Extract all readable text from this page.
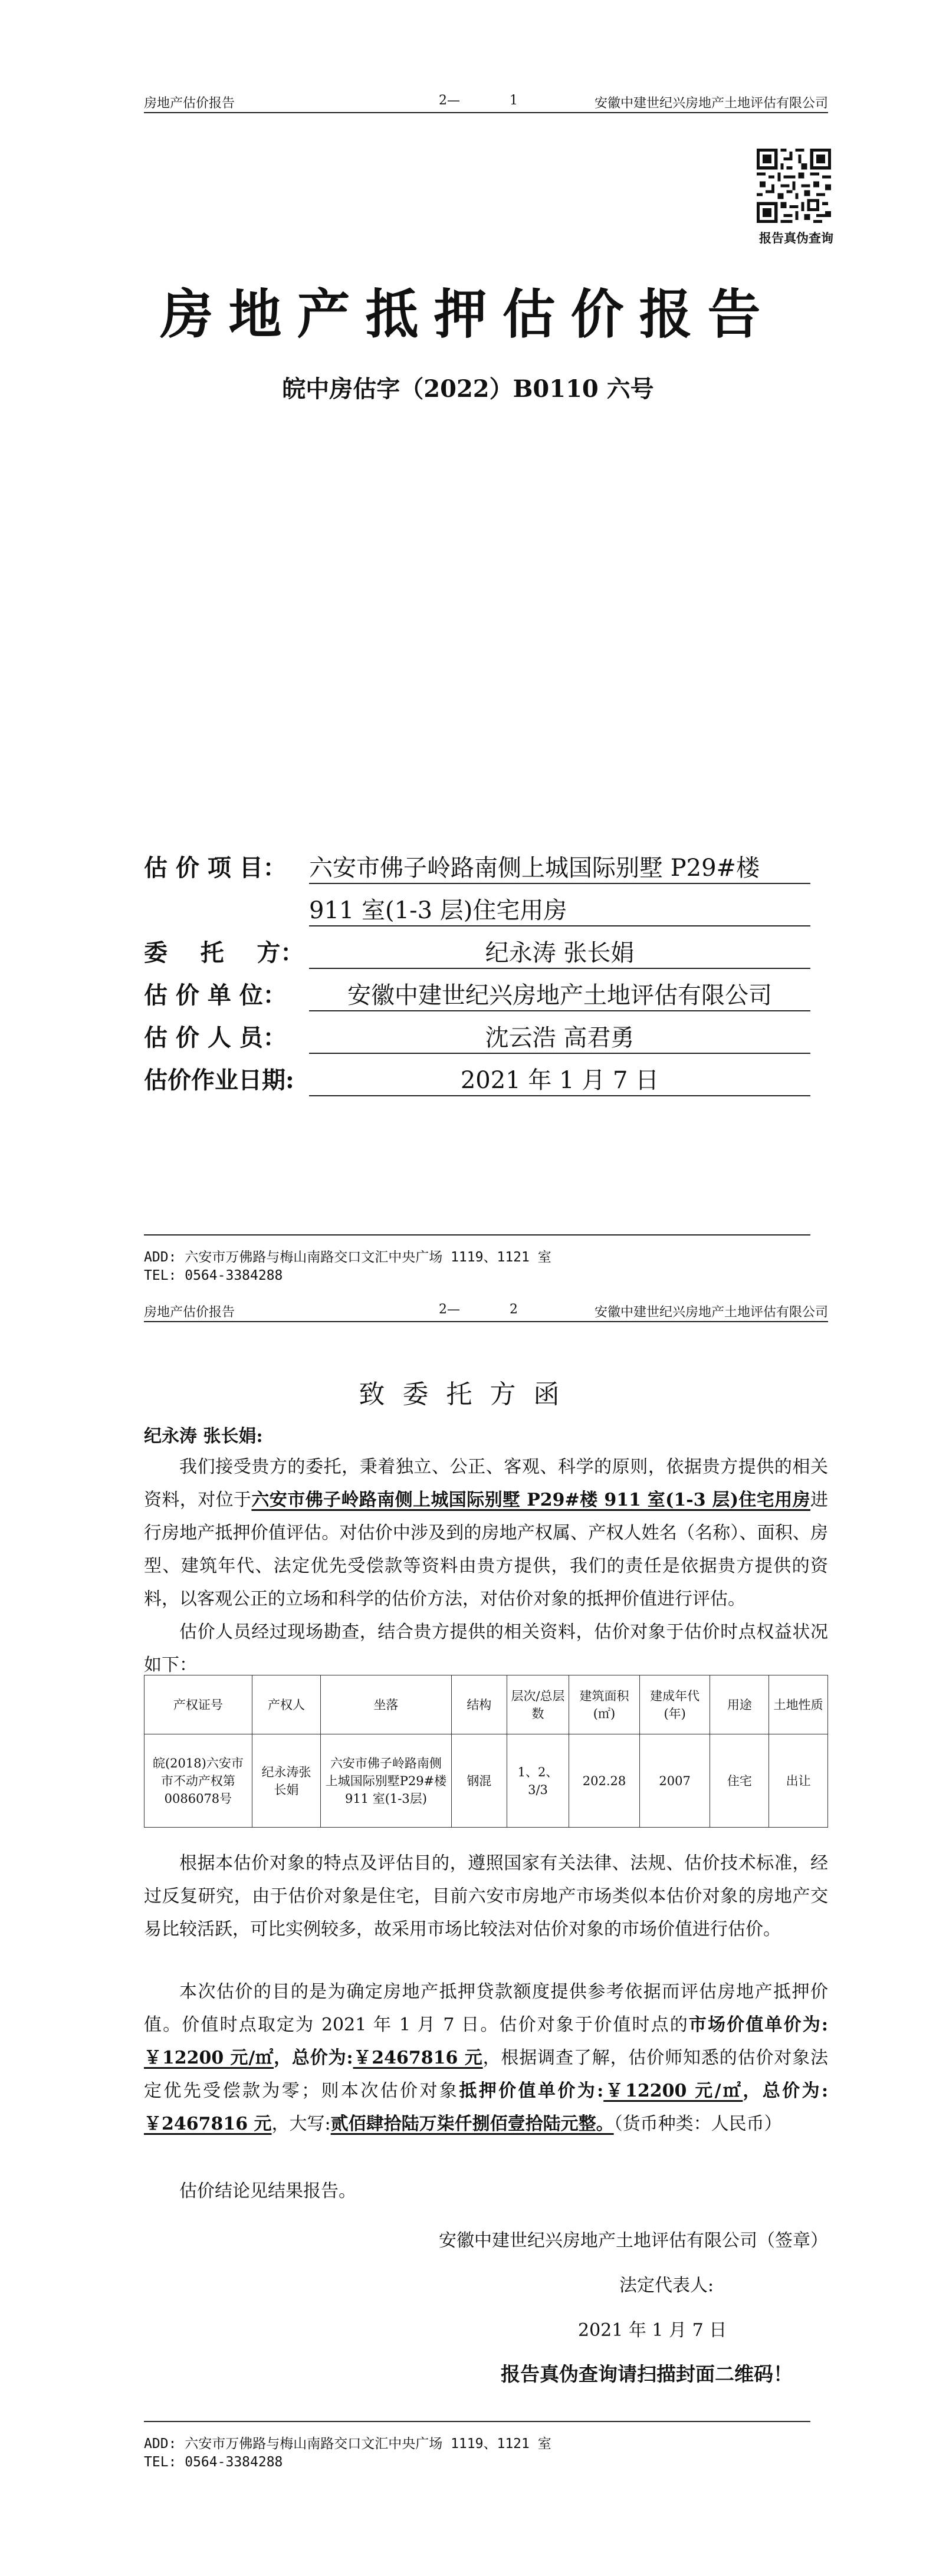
房地产估价报告	2—	1	安徽中建世纪兴房地产土地评估有限公司
报告真伪查询
房地产抵押估价报告
皖中房估字（2022）B0110 六号
估 价 项 目： 六安市佛子岭路南侧上城国际别墅 P29#楼
911 室(1-3 层)住宅用房
委    托    方：	纪永涛 张长娟
估 价 单 位：	安徽中建世纪兴房地产土地评估有限公司
估 价 人 员：	沈云浩 高君勇
估价作业日期:	2021 年 1 月 7 日
ADD: 六安市万佛路与梅山南路交口文汇中央广场 1119、1121 室
TEL: 0564-3384288
房地产估价报告	2—	2	安徽中建世纪兴房地产土地评估有限公司
致委托方函
纪永涛 张长娟:
我们接受贵方的委托，秉着独立、公正、客观、科学的原则，依据贵方提供的相关资料，对位于六安市佛子岭路南侧上城国际别墅 P29#楼 911 室(1-3 层)住宅用房进行房地产抵押价值评估。对估价中涉及到的房地产权属、产权人姓名（名称）、面积、房型、建筑年代、法定优先受偿款等资料由贵方提供，我们的责任是依据贵方提供的资料，以客观公正的立场和科学的估价方法，对估价对象的抵押价值进行评估。
估价人员经过现场勘查，结合贵方提供的相关资料，估价对象于估价时点权益状况如下：
产权证号	产权人	坐落	结构	层次/总层数	建筑面积(㎡)	建成年代(年)	用途	土地性质
皖(2018)六安市市不动产权第0086078号	纪永涛张长娟	六安市佛子岭路南侧上城国际别墅P29#楼 911 室(1-3层)	钢混	1、2、3/3	202.28	2007	住宅	出让
根据本估价对象的特点及评估目的，遵照国家有关法律、法规、估价技术标准，经过反复研究，由于估价对象是住宅，目前六安市房地产市场类似本估价对象的房地产交易比较活跃，可比实例较多，故采用市场比较法对估价对象的市场价值进行估价。
本次估价的目的是为确定房地产抵押贷款额度提供参考依据而评估房地产抵押价值。价值时点取定为 2021 年 1 月 7 日。估价对象于价值时点的市场价值单价为:￥12200 元/㎡，总价为:￥2467816 元，根据调查了解，估价师知悉的估价对象法定优先受偿款为零；则本次估价对象抵押价值单价为:￥12200 元/㎡，总价为:￥2467816 元，大写:贰佰肆拾陆万柒仟捌佰壹拾陆元整。（货币种类：人民币）
估价结论见结果报告。
安徽中建世纪兴房地产土地评估有限公司（签章）
法定代表人:
2021 年 1 月 7 日
报告真伪查询请扫描封面二维码！
ADD: 六安市万佛路与梅山南路交口文汇中央广场 1119、1121 室
TEL: 0564-3384288
